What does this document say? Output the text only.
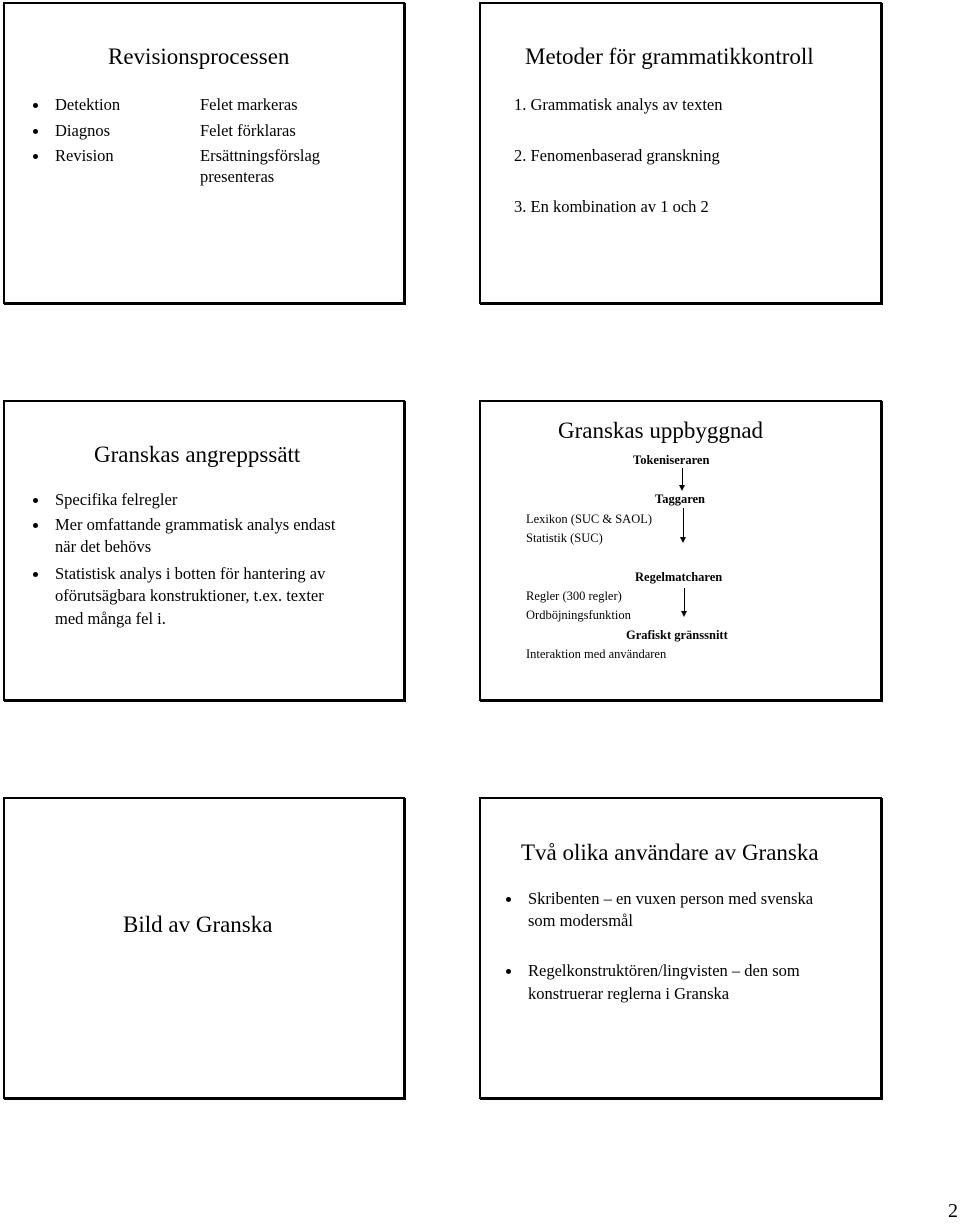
Revisionsprocessen
Detektion	Felet markeras
Diagnos	Felet förklaras
Revision	Ersättningsförslag
presenteras
Metoder för grammatikkontroll
1. Grammatisk analys av texten
2. Fenomenbaserad granskning
3. En kombination av 1 och 2
Granskas angreppssätt
Specifika felregler
Mer omfattande grammatisk analys endast
när det behövs
Statistisk analys i botten för hantering av
oförutsägbara konstruktioner, t.ex. texter
med många fel i.
Granskas uppbyggnad
Tokeniseraren
Taggaren
Lexikon (SUC & SAOL)
Statistik (SUC)
Regelmatcharen
Regler (300 regler)
Ordböjningsfunktion
Grafiskt gränssnitt
Interaktion med användaren
Bild av Granska
Två olika användare av Granska
Skribenten – en vuxen person med svenska
som modersmål
Regelkonstruktören/lingvisten – den som
konstruerar reglerna i Granska
2
